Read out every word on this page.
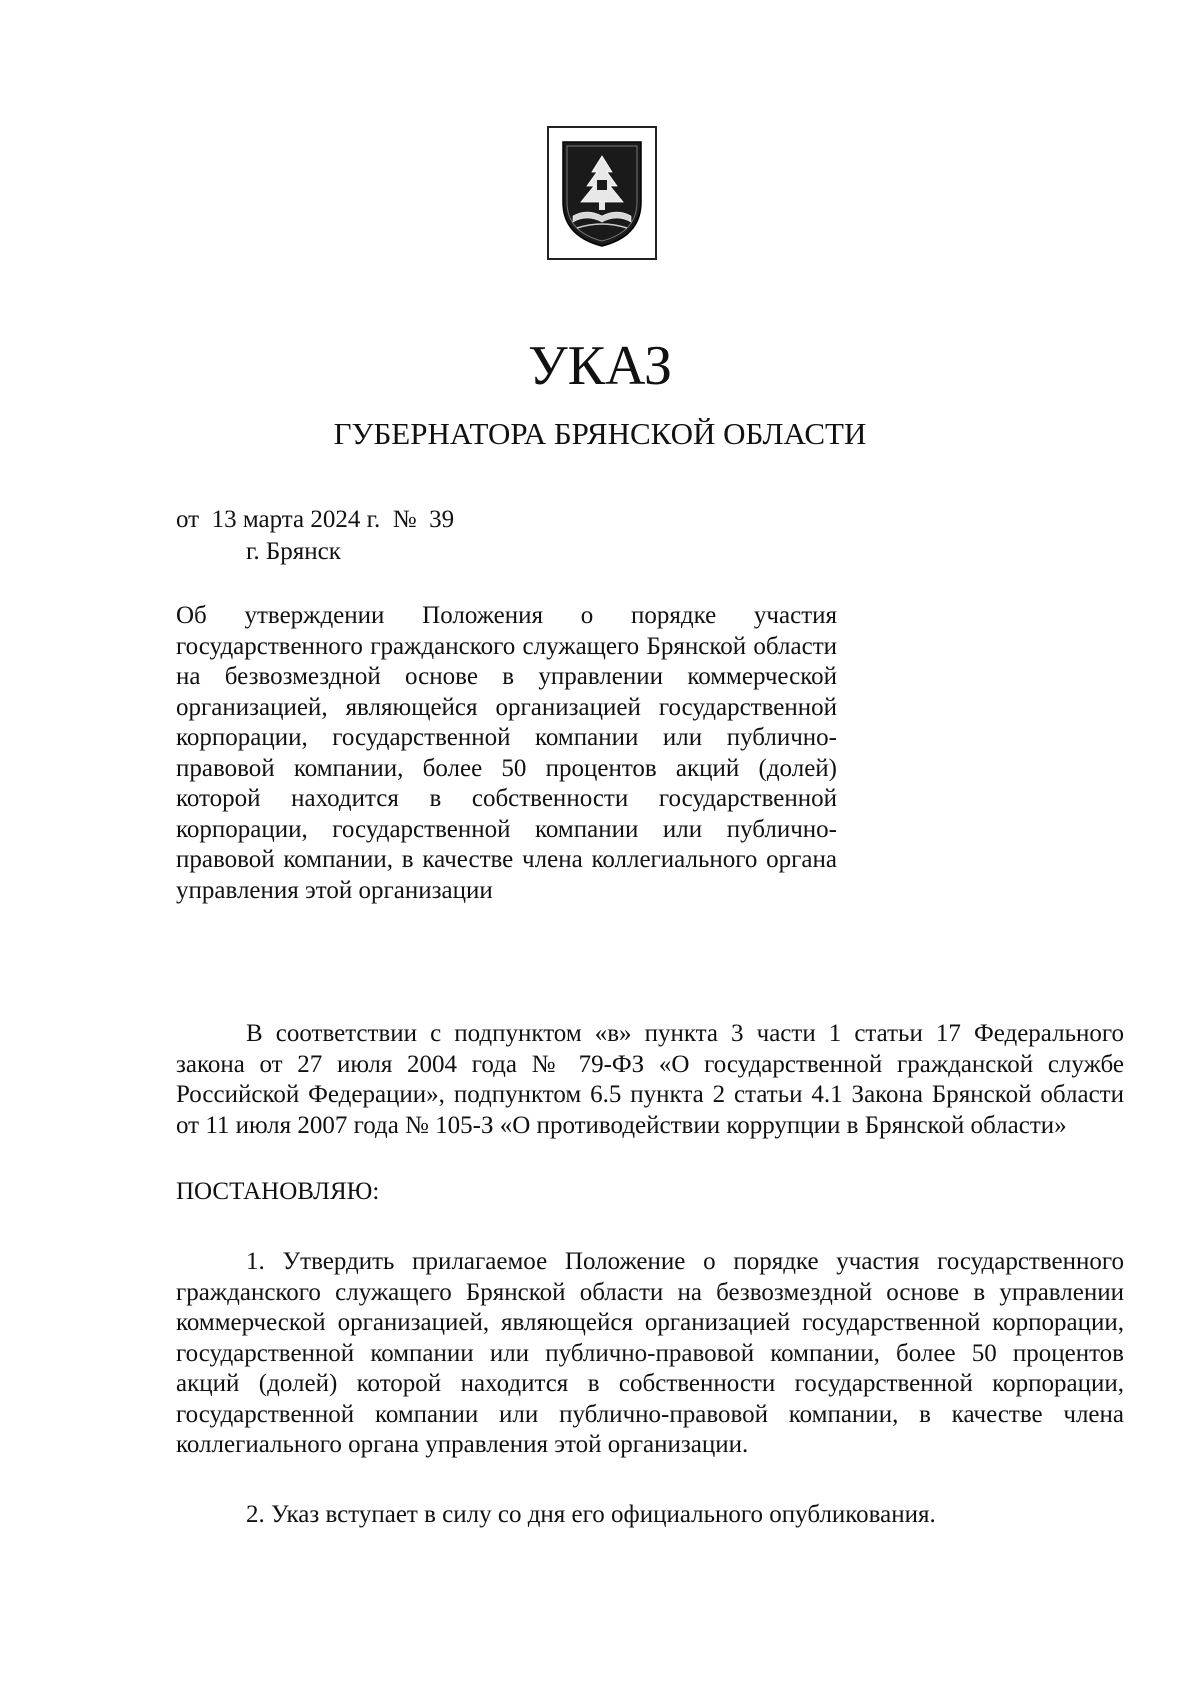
УКАЗ
ГУБЕРНАТОРА БРЯНСКОЙ ОБЛАСТИ
от  13 марта 2024 г.  №  39
г. Брянск
Об утверждении Положения о порядке участия государственного гражданского служащего Брянской области на безвозмездной основе в управлении коммерческой организацией, являющейся организацией государственной корпорации, государственной компании или публично-правовой компании, более 50 процентов акций (долей) которой находится в собственности государственной корпорации, государственной компании или публично-правовой компании, в качестве члена коллегиального органа управления этой организации
В соответствии с подпунктом «в» пункта 3 части 1 статьи 17 Федерального закона от 27 июля 2004 года № 79-ФЗ «О государственной гражданской службе Российской Федерации», подпунктом 6.5 пункта 2 статьи 4.1 Закона Брянской области от 11 июля 2007 года № 105-З «О противодействии коррупции в Брянской области»
ПОСТАНОВЛЯЮ:
1. Утвердить прилагаемое Положение о порядке участия государственного гражданского служащего Брянской области на безвозмездной основе в управлении коммерческой организацией, являющейся организацией государственной корпорации, государственной компании или публично-правовой компании, более 50 процентов акций (долей) которой находится в собственности государственной корпорации, государственной компании или публично-правовой компании, в качестве члена коллегиального органа управления этой организации.
2. Указ вступает в силу со дня его официального опубликования.
